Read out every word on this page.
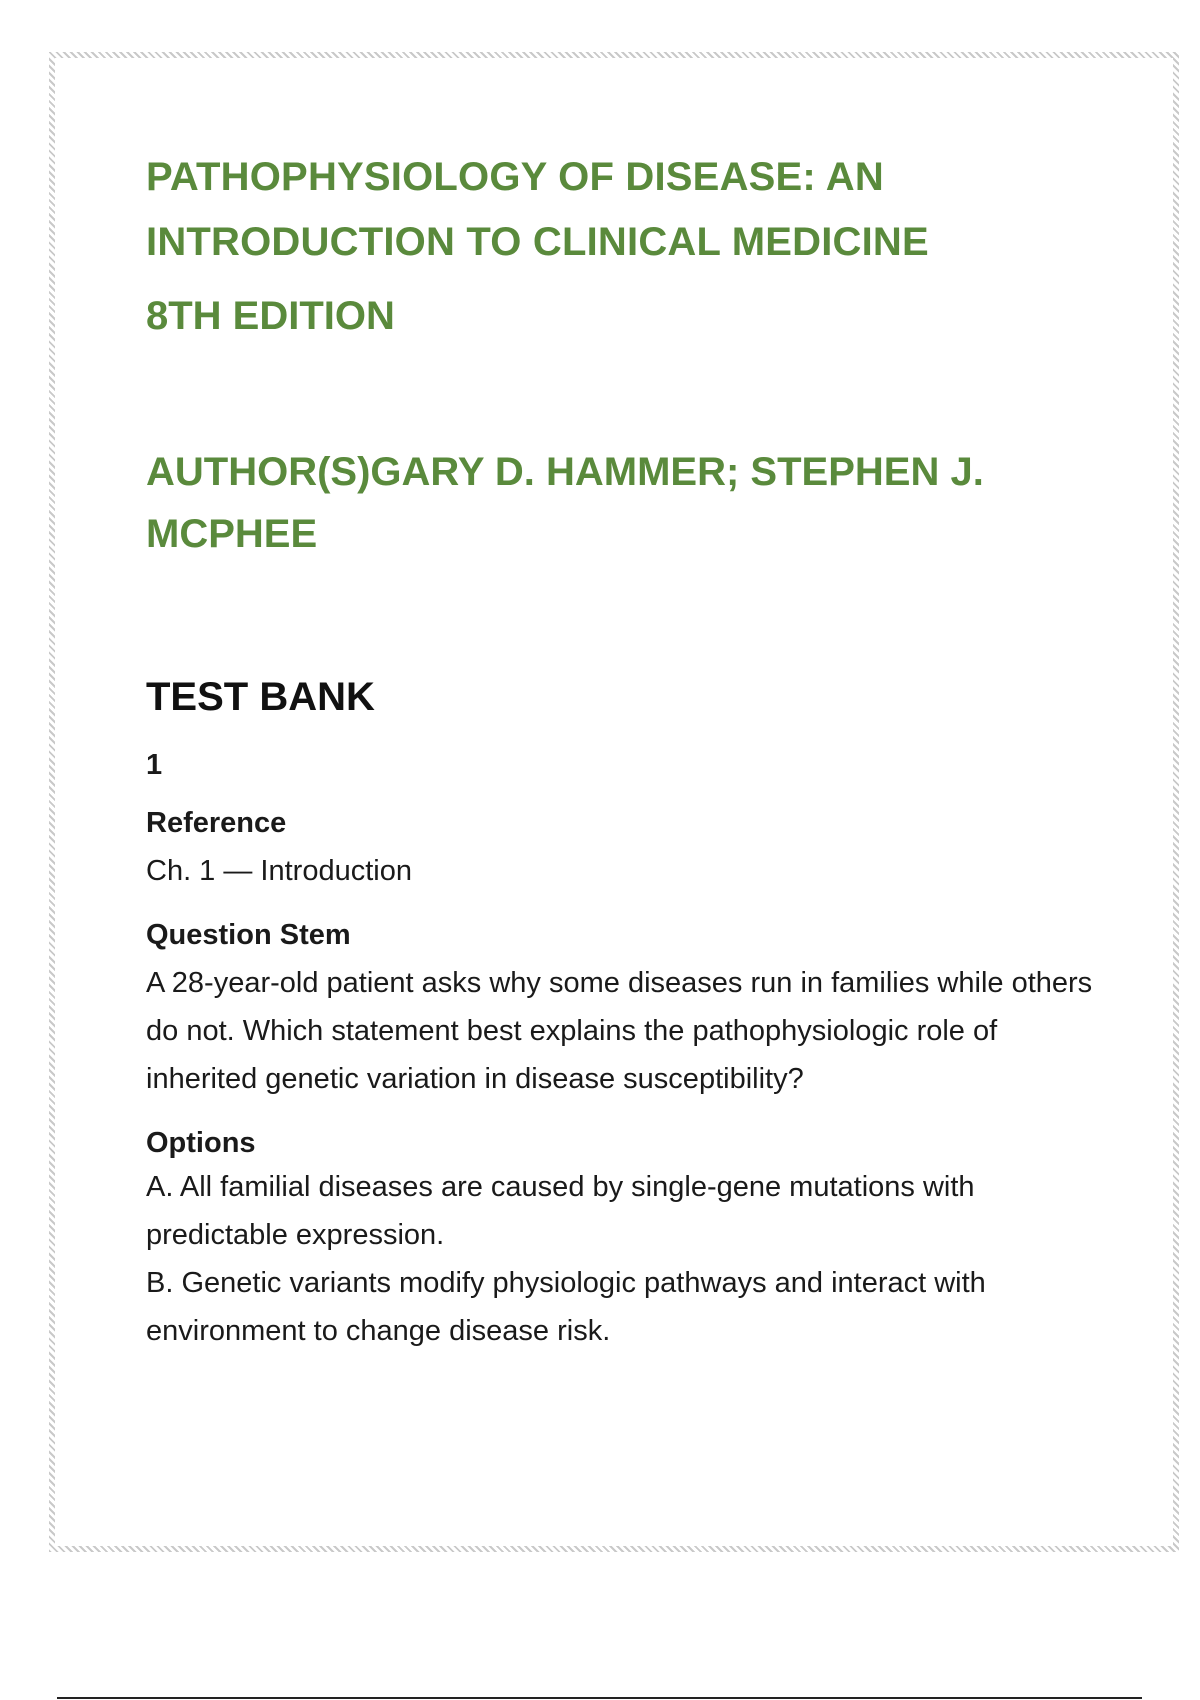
PATHOPHYSIOLOGY OF DISEASE: AN
INTRODUCTION TO CLINICAL MEDICINE
8TH EDITION
AUTHOR(S)GARY D. HAMMER; STEPHEN J.
MCPHEE
TEST BANK
1
Reference
Ch. 1 — Introduction
Question Stem
A 28-year-old patient asks why some diseases run in families while others do not. Which statement best explains the pathophysiologic role of inherited genetic variation in disease susceptibility?
Options

A. All familial diseases are caused by single-gene mutations with predictable expression.

B. Genetic variants modify physiologic pathways and interact with environment to change disease risk.
